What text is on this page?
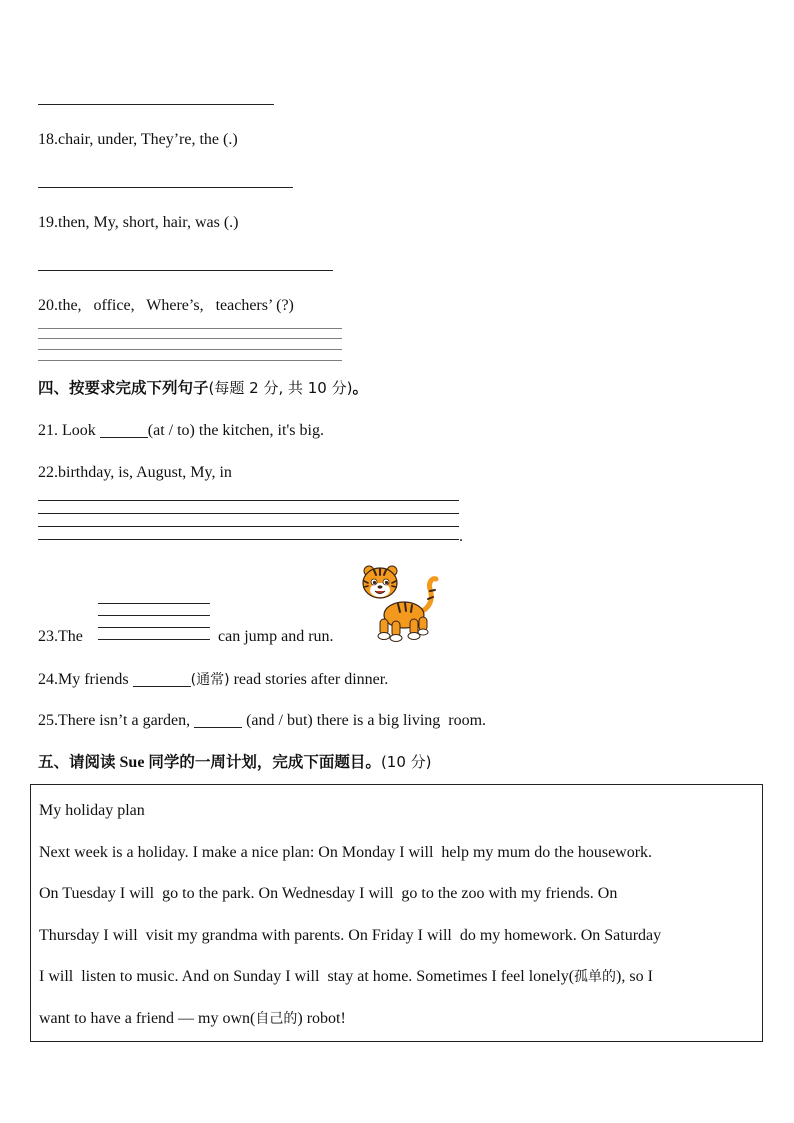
18.chair, under, They’re, the (.)
19.then, My, short, hair, was (.)
20.the,   office,   Where’s,   teachers’ (?)
四、按要求完成下列句子(每题 2 分, 共 10 分)。
21. Look	(at / to) the kitchen, it's big.
22.birthday, is, August, My, in
.
23.The	can jump and run.
24.My friends	(通常) read stories after dinner.
25.There isn’t a garden,	(and / but) there is a big living  room.
五、请阅读 Sue 同学的一周计划，完成下面题目。(10 分)
My holiday plan
Next week is a holiday. I make a nice plan: On Monday I will  help my mum do the housework.
On Tuesday I will  go to the park. On Wednesday I will  go to the zoo with my friends. On
Thursday I will  visit my grandma with parents. On Friday I will  do my homework. On Saturday
I will  listen to music. And on Sunday I will  stay at home. Sometimes I feel lonely(孤单的), so I
want to have a friend — my own(自己的) robot!
